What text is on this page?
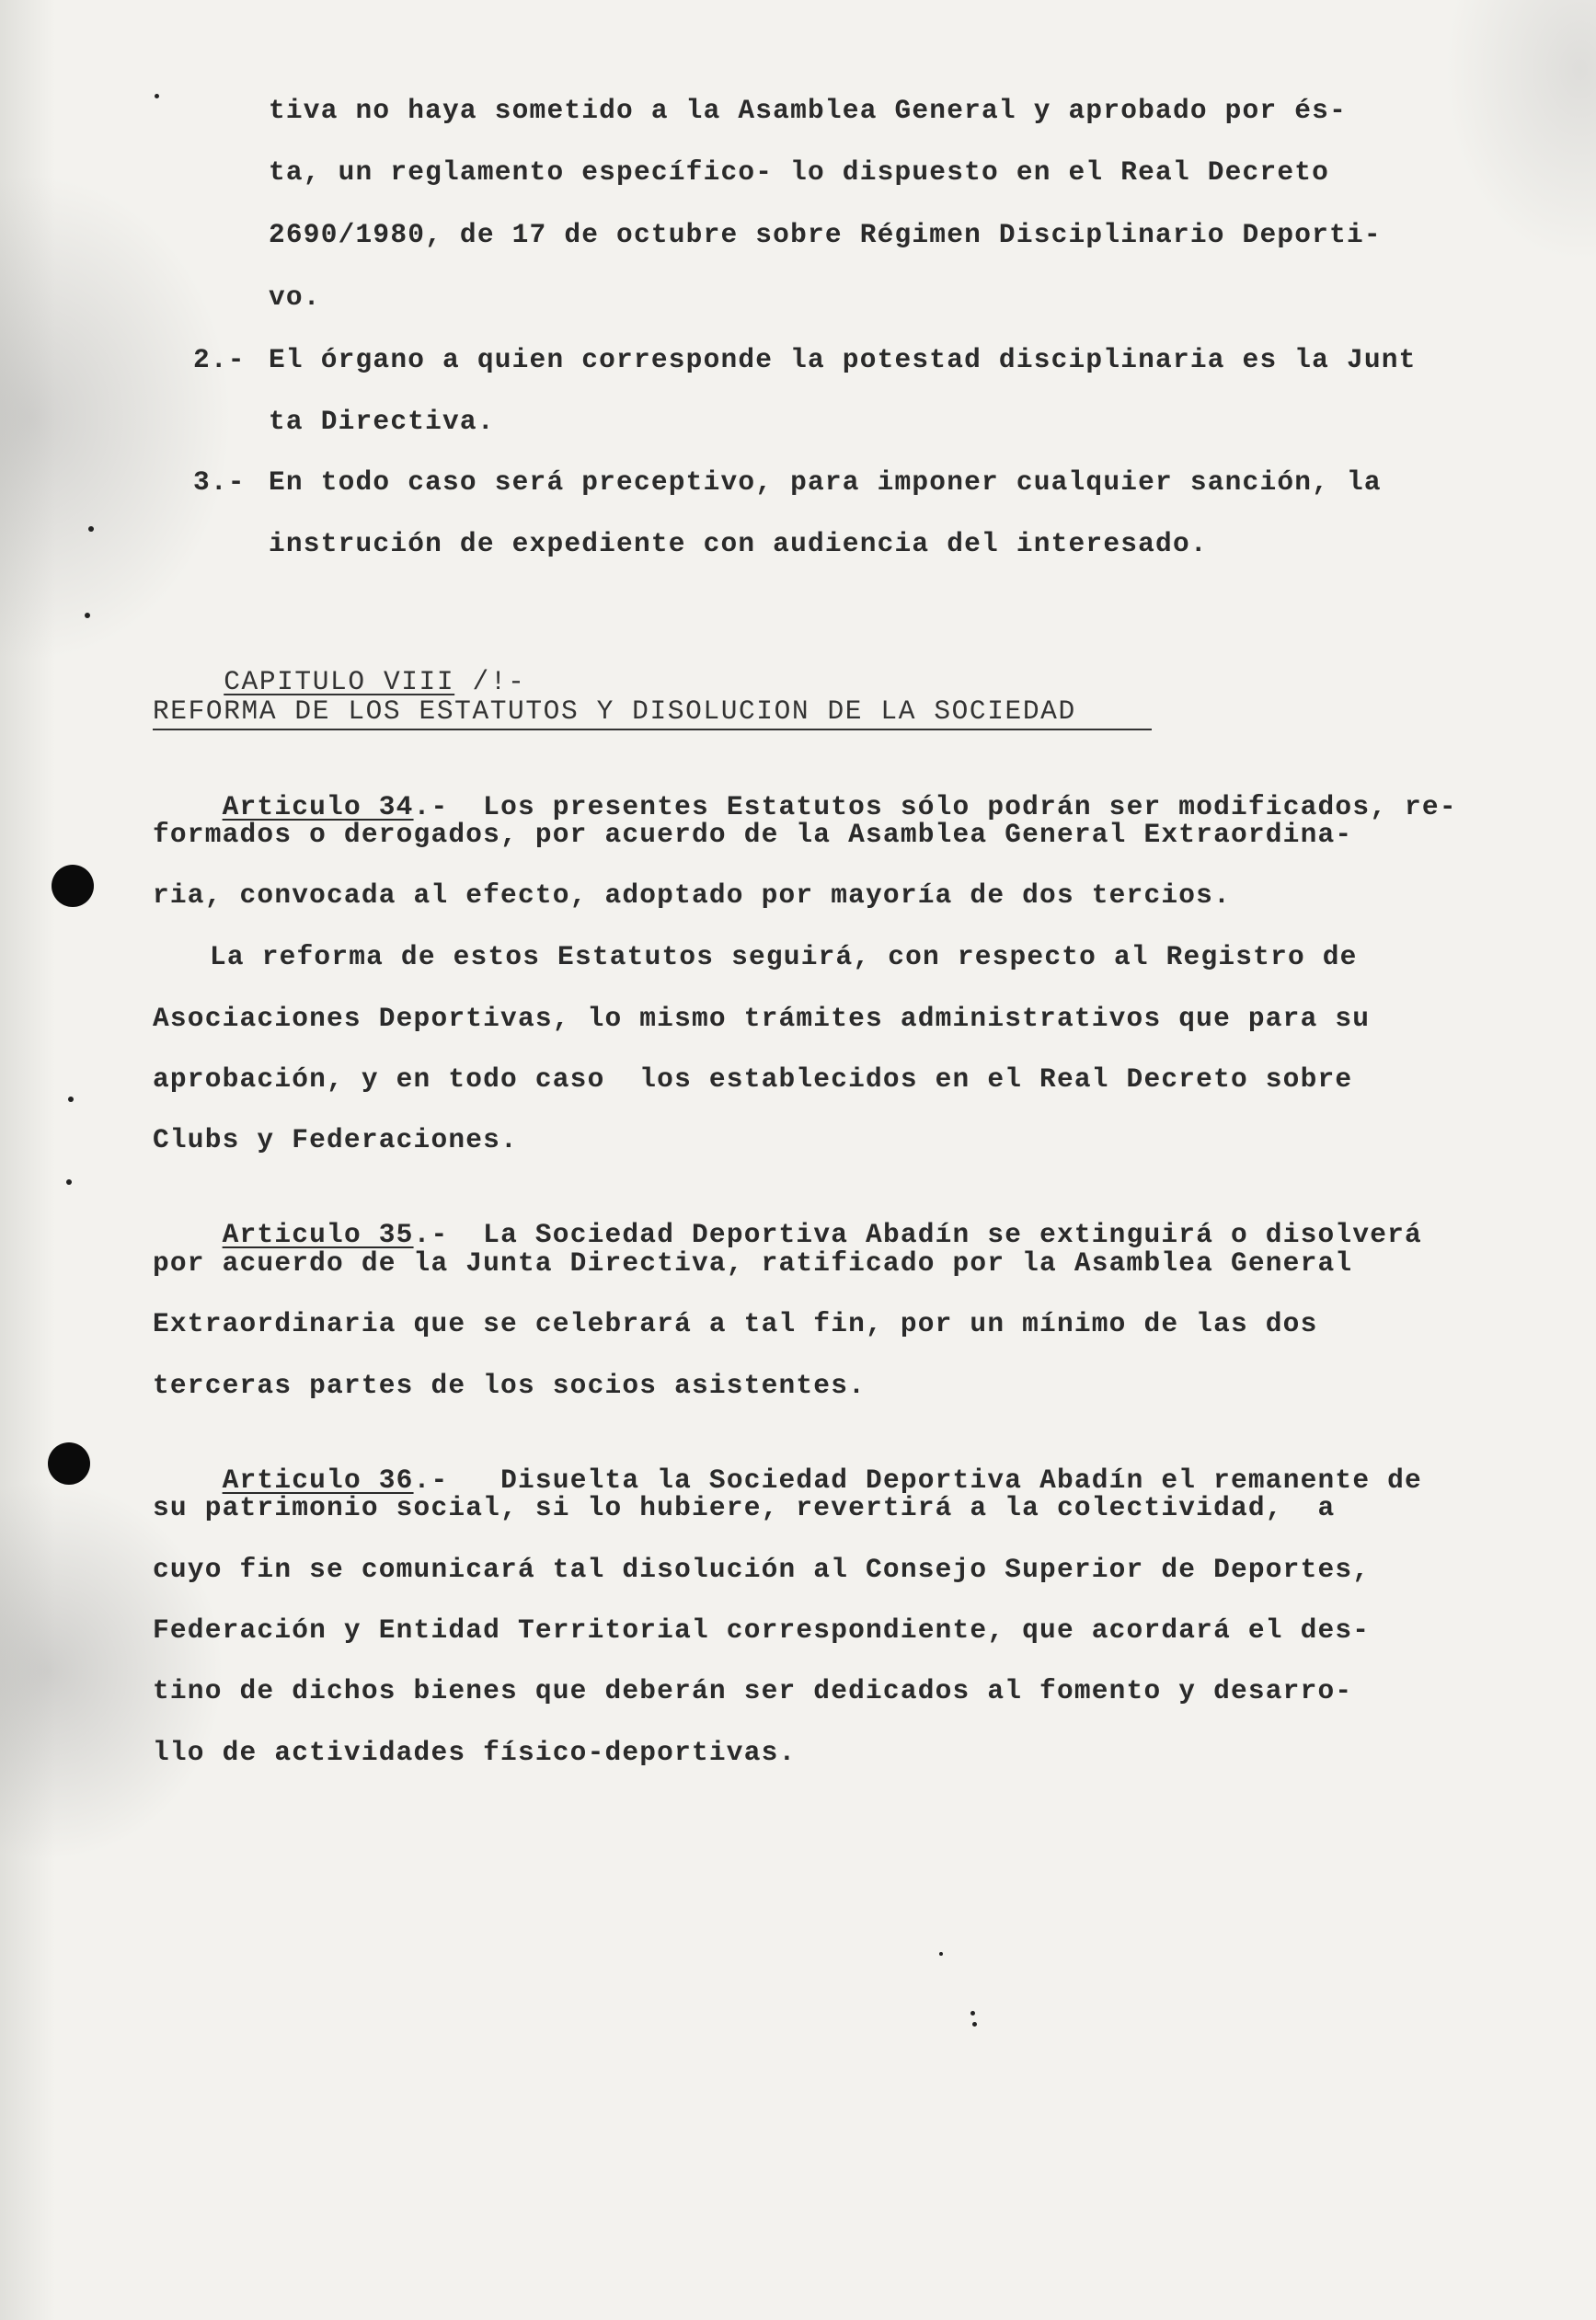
tiva no haya sometido a la Asamblea General y aprobado por és-
ta, un reglamento específico- lo dispuesto en el Real Decreto
2690/1980, de 17 de octubre sobre Régimen Disciplinario Deporti-
vo.
2.- El órgano a quien corresponde la potestad disciplinaria es la Junt
ta Directiva.
3.- En todo caso será preceptivo, para imponer cualquier sanción, la
instrución de expediente con audiencia del interesado.

CAPITULO VIII /!-

REFORMA DE LOS ESTATUTOS Y DISOLUCION DE LA SOCIEDAD

Articulo 34.-  Los presentes Estatutos sólo podrán ser modificados, re-

formados o derogados, por acuerdo de la Asamblea General Extraordina-
ria, convocada al efecto, adoptado por mayoría de dos tercios.
La reforma de estos Estatutos seguirá, con respecto al Registro de
Asociaciones Deportivas, lo mismo trámites administrativos que para su
aprobación, y en todo caso  los establecidos en el Real Decreto sobre
Clubs y Federaciones.

Articulo 35.-  La Sociedad Deportiva Abadín se extinguirá o disolverá

por acuerdo de la Junta Directiva, ratificado por la Asamblea General
Extraordinaria que se celebrará a tal fin, por un mínimo de las dos
terceras partes de los socios asistentes.

Articulo 36.-   Disuelta la Sociedad Deportiva Abadín el remanente de

su patrimonio social, si lo hubiere, revertirá a la colectividad,  a
cuyo fin se comunicará tal disolución al Consejo Superior de Deportes,
Federación y Entidad Territorial correspondiente, que acordará el des-
tino de dichos bienes que deberán ser dedicados al fomento y desarro-
llo de actividades físico-deportivas.
